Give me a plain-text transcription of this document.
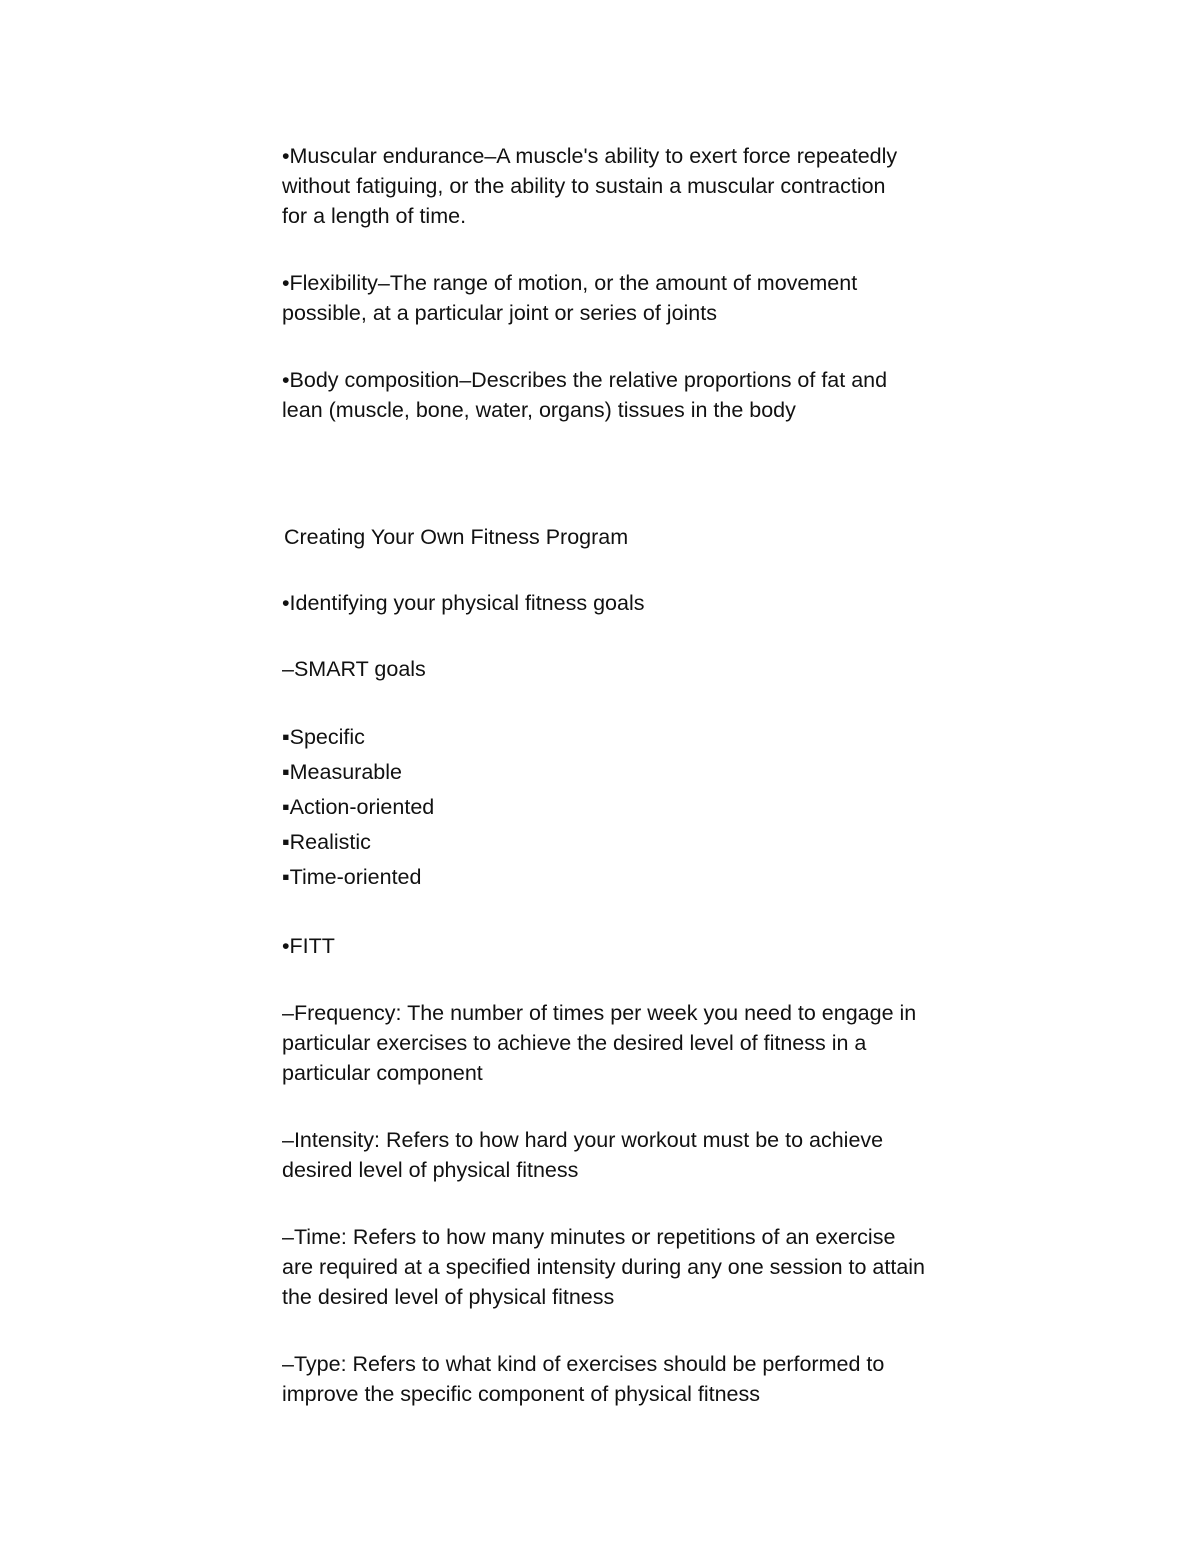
•Muscular endurance–A muscle's ability to exert force repeatedly
without fatiguing, or the ability to sustain a muscular contraction
for a length of time.

•Flexibility–The range of motion, or the amount of movement
possible, at a particular joint or series of joints

•Body composition–Describes the relative proportions of fat and
lean (muscle, bone, water, organs) tissues in the body

Creating Your Own Fitness Program

•Identifying your physical fitness goals

–SMART goals

▪Specific

▪Measurable

▪Action-oriented

▪Realistic

▪Time-oriented

•FITT

–Frequency: The number of times per week you need to engage in
particular exercises to achieve the desired level of fitness in a
particular component

–Intensity: Refers to how hard your workout must be to achieve
desired level of physical fitness

–Time: Refers to how many minutes or repetitions of an exercise
are required at a specified intensity during any one session to attain
the desired level of physical fitness

–Type: Refers to what kind of exercises should be performed to
improve the specific component of physical fitness
